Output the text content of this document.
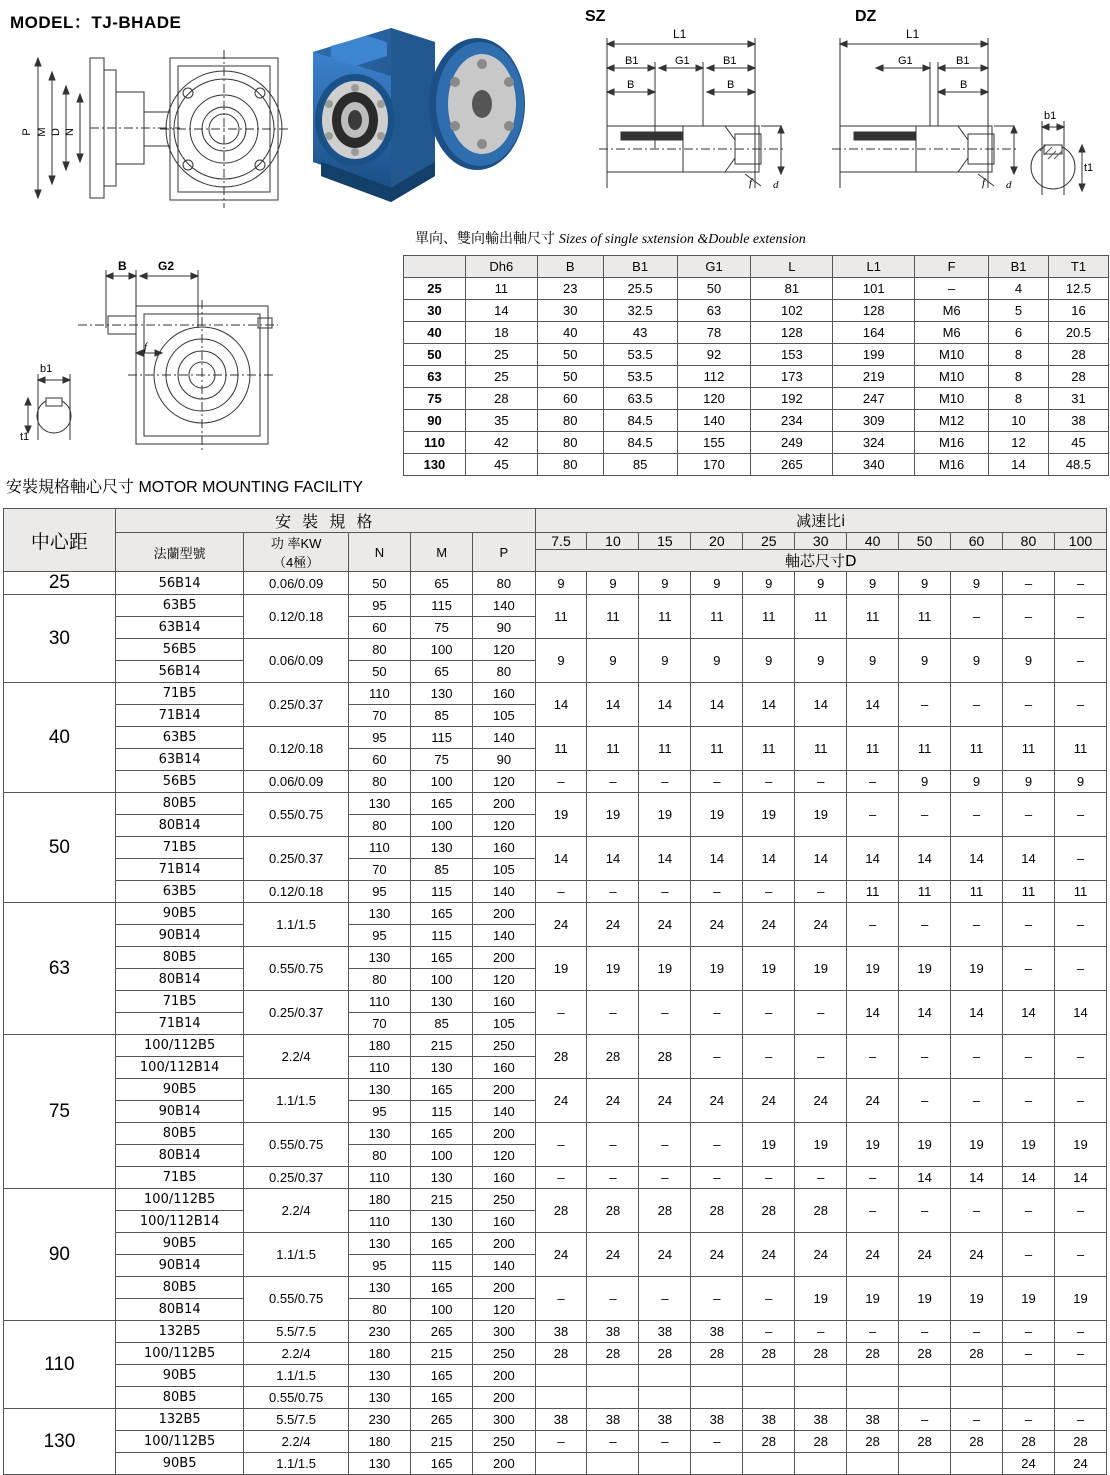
MODEL：TJ-BHADE
P M D N
B	G2
f
b1
t1
SZ
L1
B1	G1	B1
B	B
f d
DZ
L1
G1	B1
B
f d
b1
t1
單向、雙向輸出軸尺寸 Sizes of single sxtension &Double extension
	Dh6	B	B1	G1	L	L1	F	B1	T1
25	11	23	25.5	50	81	101	–	4	12.5
30	14	30	32.5	63	102	128	M6	5	16
40	18	40	43	78	128	164	M6	6	20.5
50	25	50	53.5	92	153	199	M10	8	28
63	25	50	53.5	112	173	219	M10	8	28
75	28	60	63.5	120	192	247	M10	8	31
90	35	80	84.5	140	234	309	M12	10	38
110	42	80	84.5	155	249	324	M16	12	45
130	45	80	85	170	265	340	M16	14	48.5
安裝規格軸心尺寸 MOTOR MOUNTING FACILITY
中心距	安 裝 規 格					减速比i										
	法蘭型號	功 率KW
（4極）	N	M	P	7.5	10	15	20	25	30	40	50	60	80	100
						軸芯尺寸D										
25	56B14	0.06/0.09	50	65	80	9	9	9	9	9	9	9	9	9	–	–
30	63B5	0.12/0.18	95	115	140	11	11	11	11	11	11	11	11	–	–	–
	63B14		60	75	90											
	56B5	0.06/0.09	80	100	120	9	9	9	9	9	9	9	9	9	9	–
	56B14		50	65	80											
40	71B5	0.25/0.37	110	130	160	14	14	14	14	14	14	14	–	–	–	–
	71B14		70	85	105											
	63B5	0.12/0.18	95	115	140	11	11	11	11	11	11	11	11	11	11	11
	63B14		60	75	90											
	56B5	0.06/0.09	80	100	120	–	–	–	–	–	–	–	9	9	9	9
50	80B5	0.55/0.75	130	165	200	19	19	19	19	19	19	–	–	–	–	–
	80B14		80	100	120											
	71B5	0.25/0.37	110	130	160	14	14	14	14	14	14	14	14	14	14	–
	71B14		70	85	105											
	63B5	0.12/0.18	95	115	140	–	–	–	–	–	–	11	11	11	11	11
63	90B5	1.1/1.5	130	165	200	24	24	24	24	24	24	–	–	–	–	–
	90B14		95	115	140											
	80B5	0.55/0.75	130	165	200	19	19	19	19	19	19	19	19	19	–	–
	80B14		80	100	120											
	71B5	0.25/0.37	110	130	160	–	–	–	–	–	–	14	14	14	14	14
	71B14		70	85	105											
75	100/112B5	2.2/4	180	215	250	28	28	28	–	–	–	–	–	–	–	–
	100/112B14		110	130	160											
	90B5	1.1/1.5	130	165	200	24	24	24	24	24	24	24	–	–	–	–
	90B14		95	115	140											
	80B5	0.55/0.75	130	165	200	–	–	–	–	19	19	19	19	19	19	19
	80B14		80	100	120											
	71B5	0.25/0.37	110	130	160	–	–	–	–	–	–	–	14	14	14	14
90	100/112B5	2.2/4	180	215	250	28	28	28	28	28	28	–	–	–	–	–
	100/112B14		110	130	160											
	90B5	1.1/1.5	130	165	200	24	24	24	24	24	24	24	24	24	–	–
	90B14		95	115	140											
	80B5	0.55/0.75	130	165	200	–	–	–	–	–	19	19	19	19	19	19
	80B14		80	100	120											
110	132B5	5.5/7.5	230	265	300	38	38	38	38	–	–	–	–	–	–	–
	100/112B5	2.2/4	180	215	250	28	28	28	28	28	28	28	28	28	–	–
	90B5	1.1/1.5	130	165	200											
	80B5	0.55/0.75	130	165	200											
130	132B5	5.5/7.5	230	265	300	38	38	38	38	38	38	38	–	–	–	–
	100/112B5	2.2/4	180	215	250	–	–	–	–	28	28	28	28	28	28	28
	90B5	1.1/1.5	130	165	200										24	24
